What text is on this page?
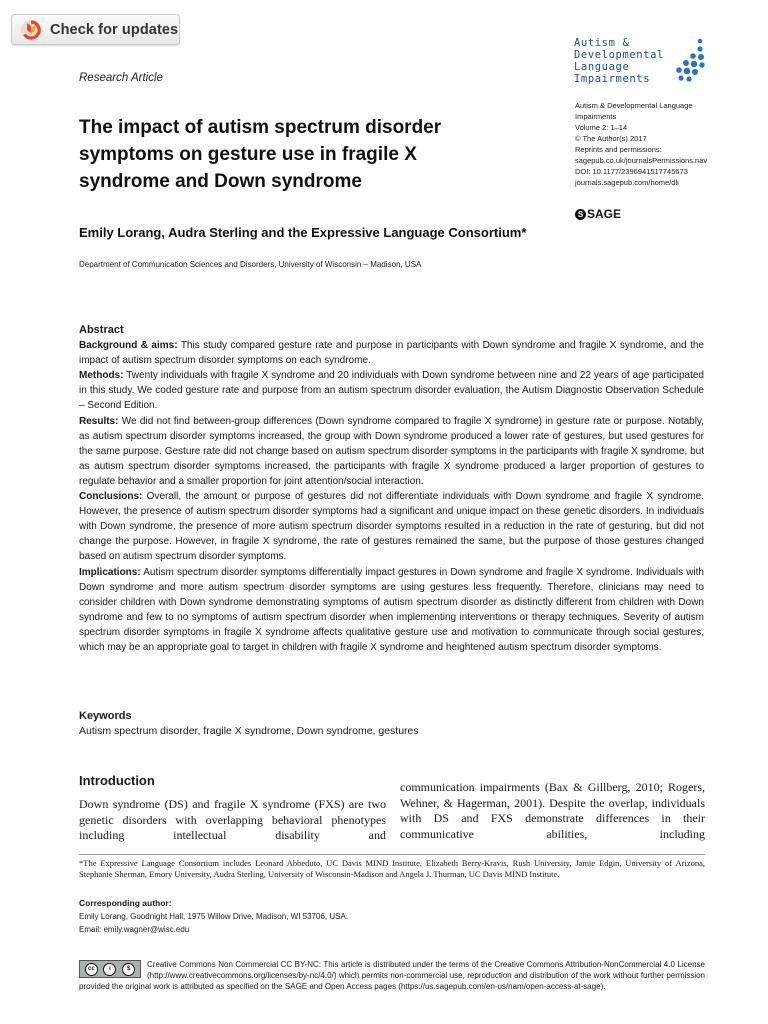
Check for updates
Autism &
Developmental
Language
Impairments
Research Article
The impact of autism spectrum disorder symptoms on gesture use in fragile X syndrome and Down syndrome
Autism & Developmental Language Impairments
Volume 2: 1–14
© The Author(s) 2017
Reprints and permissions:
sagepub.co.uk/journalsPermissions.nav
DOI: 10.1177/2396941517745673
journals.sagepub.com/home/dli
S SAGE
Emily Lorang, Audra Sterling and the Expressive Language Consortium*
Department of Communication Sciences and Disorders, University of Wisconsin – Madison, USA
Abstract

Background & aims: This study compared gesture rate and purpose in participants with Down syndrome and fragile X syndrome, and the impact of autism spectrum disorder symptoms on each syndrome.

Methods: Twenty individuals with fragile X syndrome and 20 individuals with Down syndrome between nine and 22 years of age participated in this study. We coded gesture rate and purpose from an autism spectrum disorder evaluation, the Autism Diagnostic Observation Schedule – Second Edition.

Results: We did not find between-group differences (Down syndrome compared to fragile X syndrome) in gesture rate or purpose. Notably, as autism spectrum disorder symptoms increased, the group with Down syndrome produced a lower rate of gestures, but used gestures for the same purpose. Gesture rate did not change based on autism spectrum disorder symptoms in the participants with fragile X syndrome, but as autism spectrum disorder symptoms increased, the participants with fragile X syndrome produced a larger proportion of gestures to regulate behavior and a smaller proportion for joint attention/social interaction.

Conclusions: Overall, the amount or purpose of gestures did not differentiate individuals with Down syndrome and fragile X syndrome. However, the presence of autism spectrum disorder symptoms had a significant and unique impact on these genetic disorders. In individuals with Down syndrome, the presence of more autism spectrum disorder symptoms resulted in a reduction in the rate of gesturing, but did not change the purpose. However, in fragile X syndrome, the rate of gestures remained the same, but the purpose of those gestures changed based on autism spectrum disorder symptoms.

Implications: Autism spectrum disorder symptoms differentially impact gestures in Down syndrome and fragile X syndrome. Individuals with Down syndrome and more autism spectrum disorder symptoms are using gestures less frequently. Therefore, clinicians may need to consider children with Down syndrome demonstrating symptoms of autism spectrum disorder as distinctly different from children with Down syndrome and few to no symptoms of autism spectrum disorder when implementing interventions or therapy techniques. Severity of autism spectrum disorder symptoms in fragile X syndrome affects qualitative gesture use and motivation to communicate through social gestures, which may be an appropriate goal to target in children with fragile X syndrome and heightened autism spectrum disorder symptoms.

Keywords
Autism spectrum disorder, fragile X syndrome, Down syndrome, gestures
Introduction
Down syndrome (DS) and fragile X syndrome (FXS) are two genetic disorders with overlapping behavioral phenotypes including intellectual disability and
communication impairments (Bax & Gillberg, 2010; Rogers, Wehner, & Hagerman, 2001). Despite the overlap, individuals with DS and FXS demonstrate differences in their communicative abilities, including
*The Expressive Language Consortium includes Leonard Abbeduto, UC Davis MIND Institute, Elizabeth Berry-Kravis, Rush University, Jamie Edgin, University of Arizona, Stephanie Sherman, Emory University, Audra Sterling, University of Wisconsin-Madison and Angela J. Thurman, UC Davis MIND Institute.
Corresponding author:
Emily Lorang, Goodnight Hall, 1975 Willow Drive, Madison, WI 53706, USA.
Email: emily.wagner@wisc.edu
cc	i	$	Creative Commons Non Commercial CC BY-NC: This article is distributed under the terms of the Creative Commons Attribution-NonCommercial 4.0 License (http://www.creativecommons.org/licenses/by-nc/4.0/) which permits non-commercial use, reproduction and distribution of the work without further permission provided the original work is attributed as specified on the SAGE and Open Access pages (https://us.sagepub.com/en-us/nam/open-access-at-sage).
